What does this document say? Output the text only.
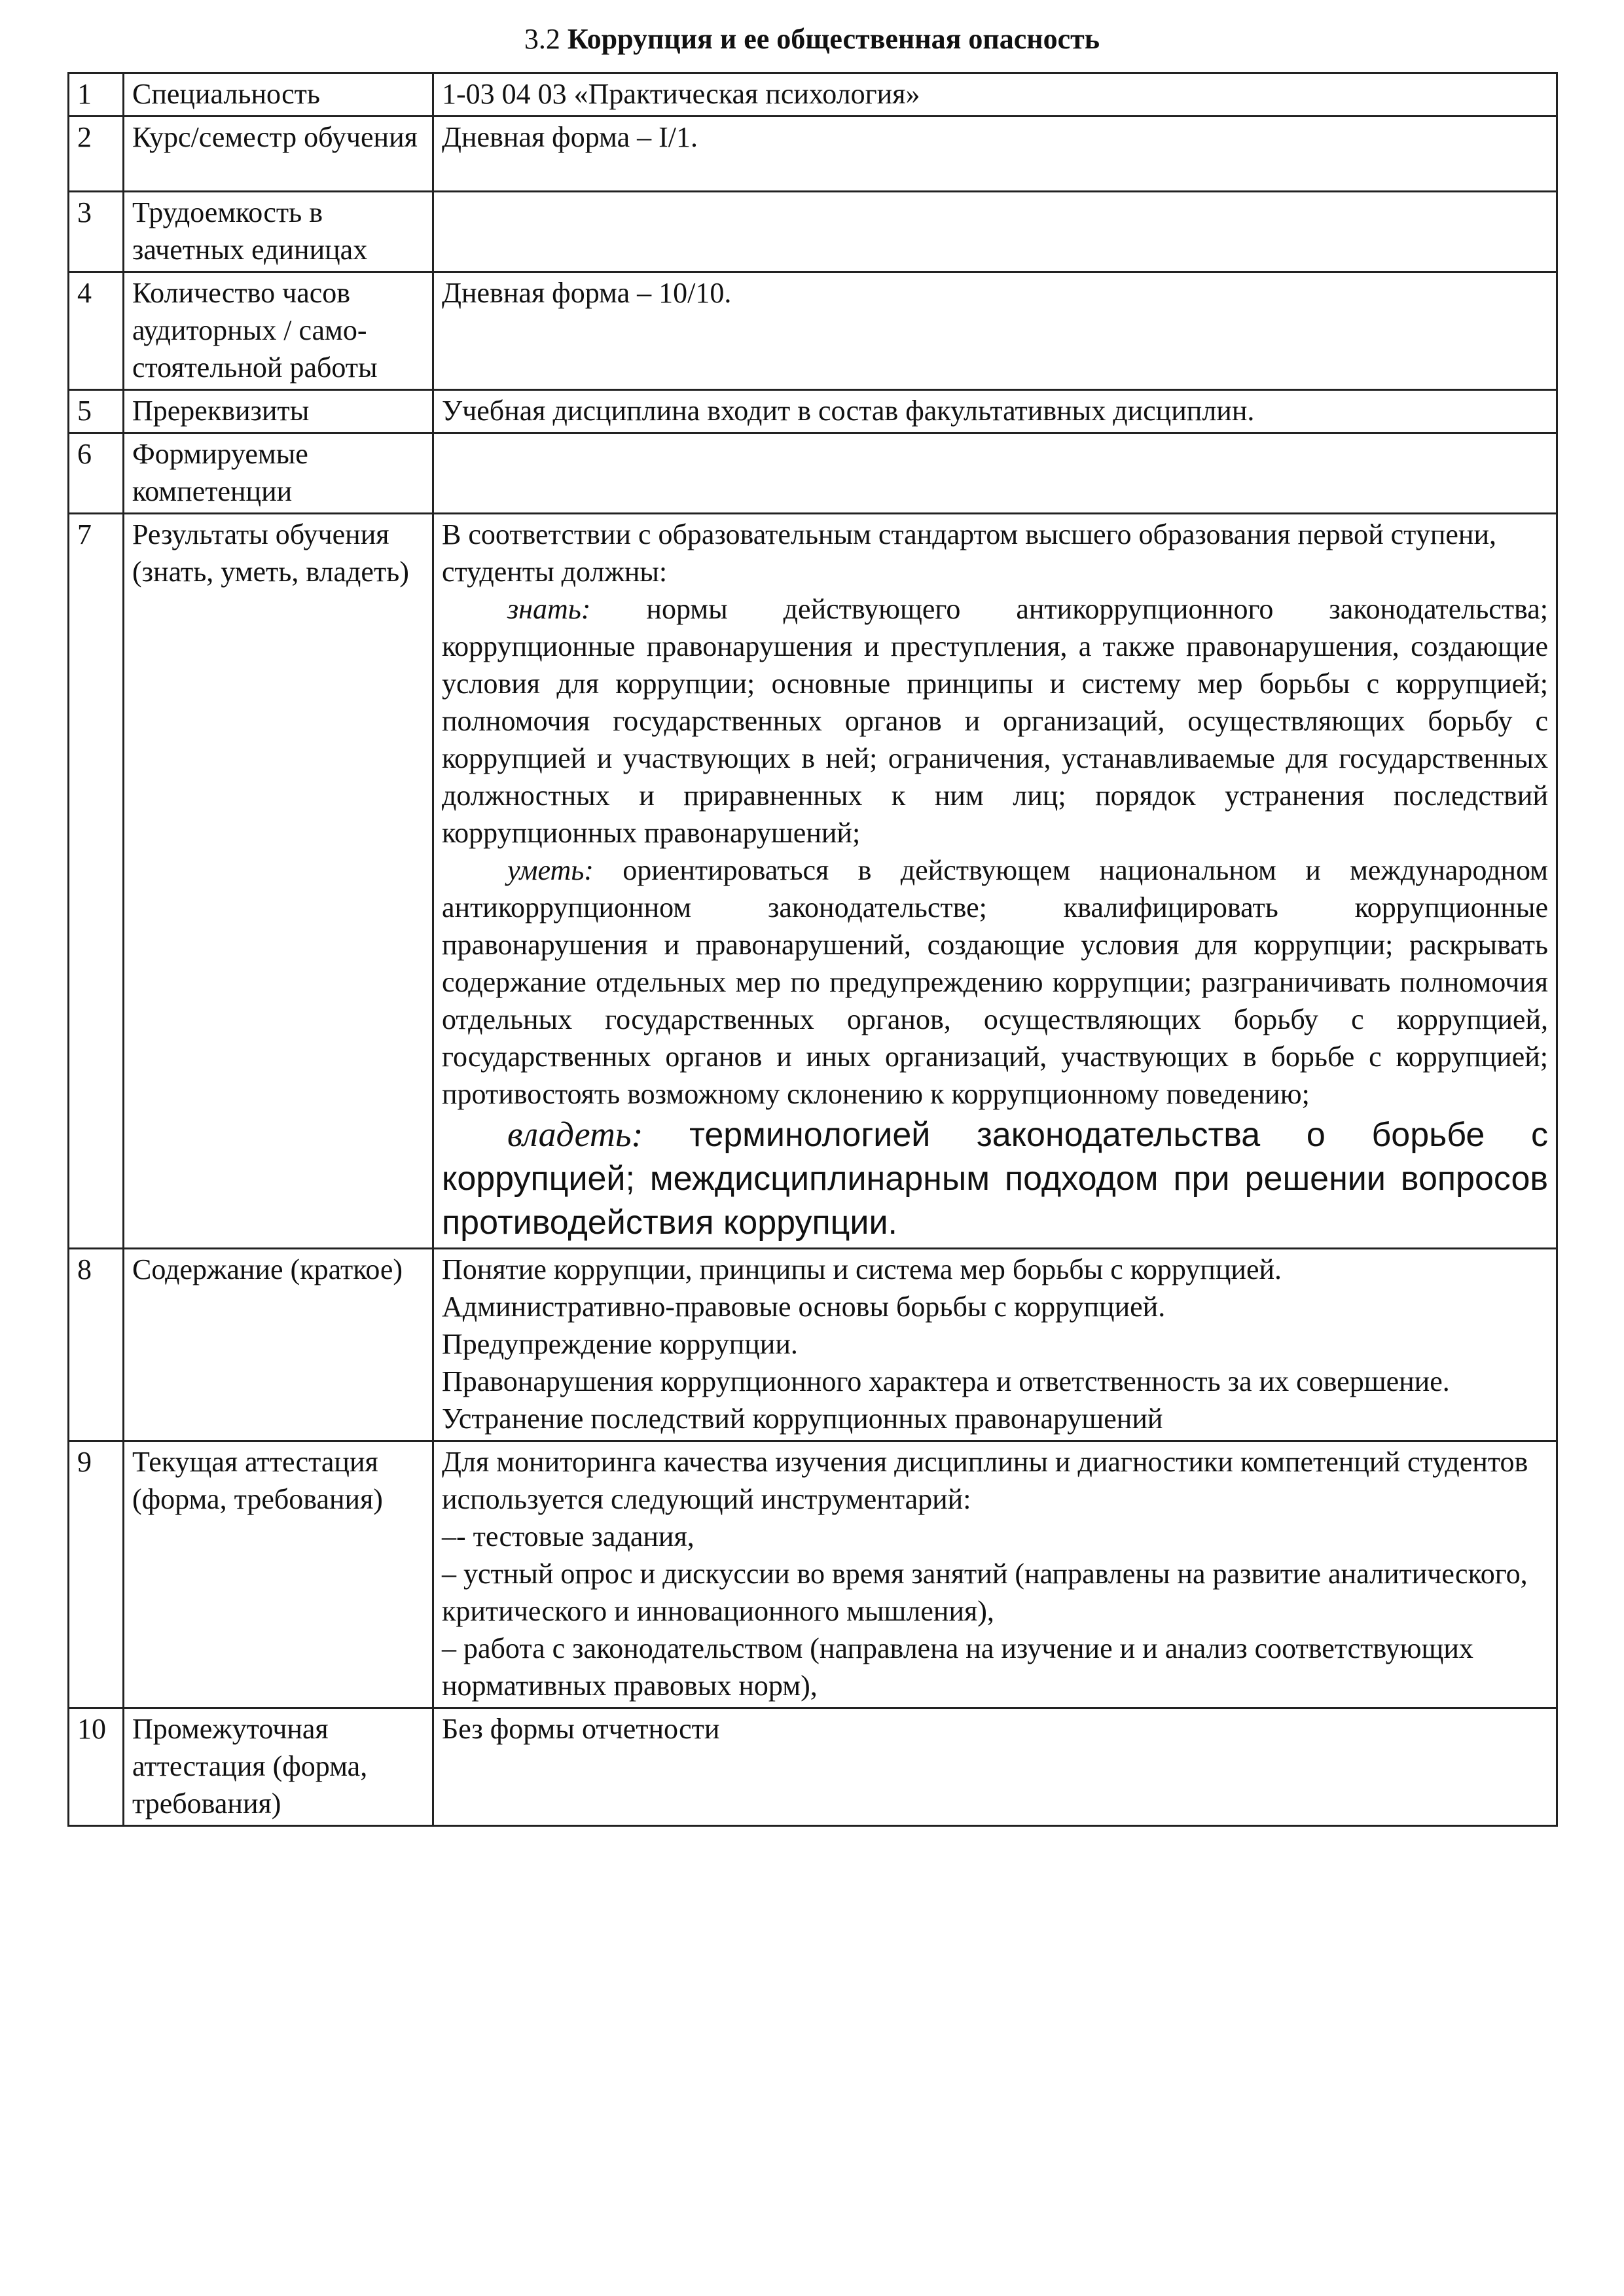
3.2 Коррупция и ее общественная опасность
1	Специальность	1-03 04 03 «Практическая психология»

2	Курс/семестр обучения	Дневная форма – I/1.

3	Трудоемкость в зачетных единицах	

4	Количество часов аудиторных / само-стоятельной работы	Дневная форма – 10/10.

5	Пререквизиты	Учебная дисциплина входит в состав факультативных дисциплин.

6	Формируемые компетенции	

7	Результаты обучения (знать, уметь, владеть)	В соответствии с образовательным стандартом высшего образования первой ступени, студенты должны:

знать: нормы действующего антикоррупционного законодательства; коррупционные правонарушения и преступления, а также правонарушения, создающие условия для коррупции; основные принципы и систему мер борьбы с коррупцией; полномочия государственных органов и организаций, осуществляющих борьбу с коррупцией и участвующих в ней; ограничения, устанавливаемые для государственных должностных и приравненных к ним лиц; порядок устранения последствий коррупционных правонарушений;

уметь: ориентироваться в действующем национальном и международном антикоррупционном законодательстве; квалифицировать коррупционные правонарушения и правонарушений, создающие условия для коррупции; раскрывать содержание отдельных мер по предупреждению коррупции; разграничивать полномочия отдельных государственных органов, осуществляющих борьбу с коррупцией, государственных органов и иных организаций, участвующих в борьбе с коррупцией; противостоять возможному склонению к коррупционному поведению;

владеть: терминологией законодательства о борьбе с коррупцией; междисциплинарным подходом при решении вопросов противодействия коррупции.

8	Содержание (краткое)	Понятие коррупции, принципы и система мер борьбы с коррупцией.

Административно-правовые основы борьбы с коррупцией.

Предупреждение коррупции.

Правонарушения коррупционного характера и ответственность за их совершение.

Устранение последствий коррупционных правонарушений

9	Текущая аттестация (форма, требования)	Для мониторинга качества изучения дисциплины и диагностики компетенций студентов используется следующий инструментарий:

–- тестовые задания,

– устный опрос и дискуссии во время занятий (направлены на развитие аналитического, критического и инновационного мышления),

– работа с законодательством (направлена на изучение и и анализ соответствующих нормативных правовых норм),

10	Промежуточная аттестация (форма, требования)	Без формы отчетности
